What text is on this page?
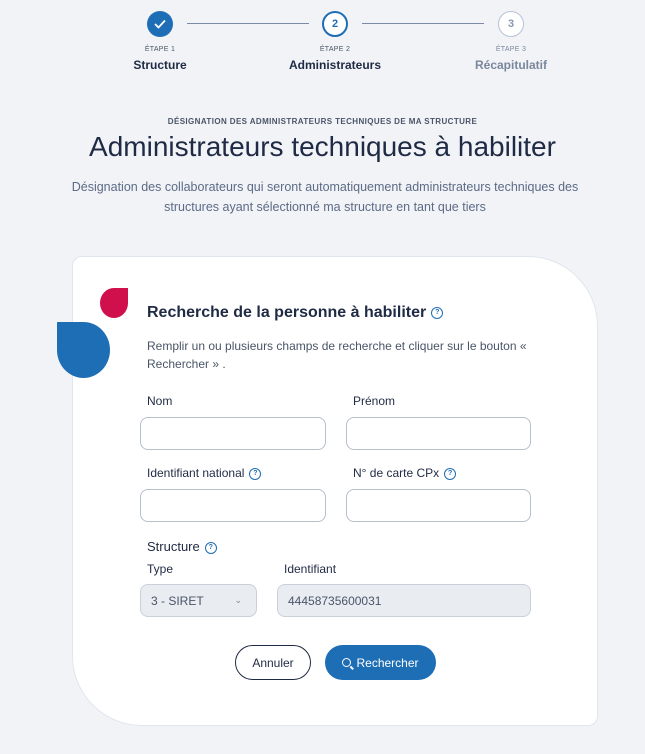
2	3
ÉTAPE 1
Structure
ÉTAPE 2
Administrateurs
ÉTAPE 3
Récapitulatif
DÉSIGNATION DES ADMINISTRATEURS TECHNIQUES DE MA STRUCTURE
Administrateurs techniques à habiliter
Désignation des collaborateurs qui seront automatiquement administrateurs techniques des structures ayant sélectionné ma structure en tant que tiers
Recherche de la personne à habiliter ?
Remplir un ou plusieurs champs de recherche et cliquer sur le bouton « Rechercher » .
Nom	Prénom
Identifiant national ?	N° de carte CPx ?
Structure ?
Type
3 - SIRET	⌄
Identifiant
44458735600031
Annuler	Rechercher
